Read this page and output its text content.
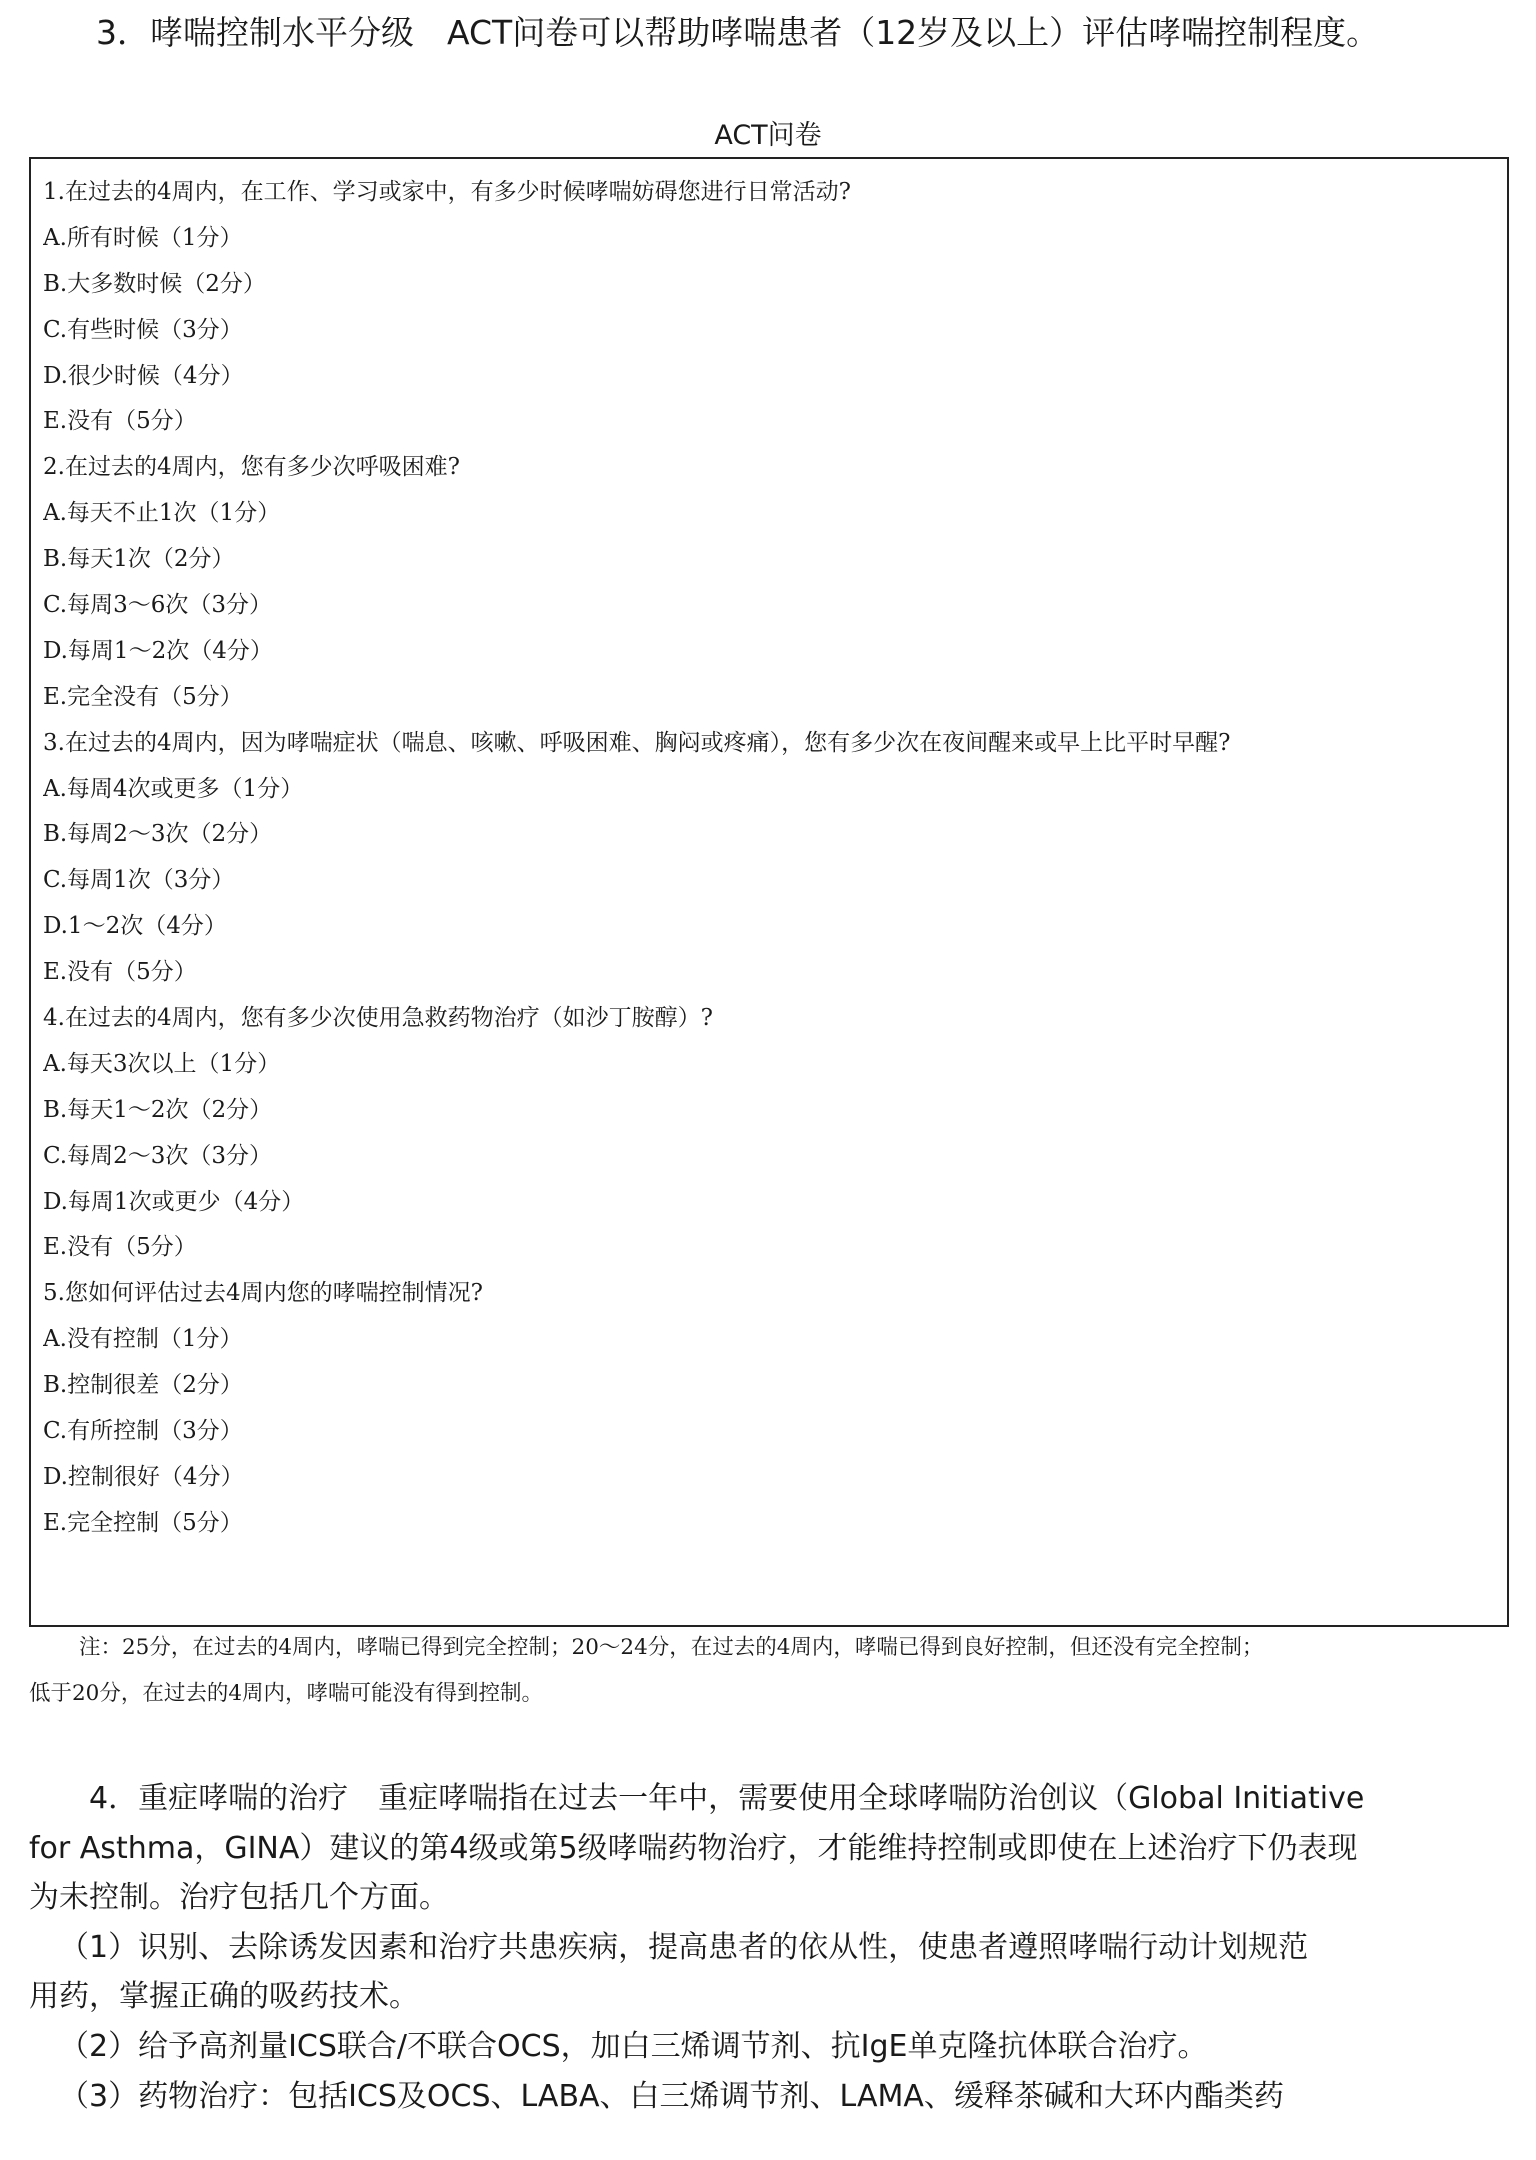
3．哮喘控制水平分级　ACT问卷可以帮助哮喘患者（12岁及以上）评估哮喘控制程度。
ACT问卷
1.在过去的4周内，在工作、学习或家中，有多少时候哮喘妨碍您进行日常活动?
A.所有时候（1分）
B.大多数时候（2分）
C.有些时候（3分）
D.很少时候（4分）
E.没有（5分）
2.在过去的4周内，您有多少次呼吸困难?
A.每天不止1次（1分）
B.每天1次（2分）
C.每周3～6次（3分）
D.每周1～2次（4分）
E.完全没有（5分）
3.在过去的4周内，因为哮喘症状（喘息、咳嗽、呼吸困难、胸闷或疼痛），您有多少次在夜间醒来或早上比平时早醒?
A.每周4次或更多（1分）
B.每周2～3次（2分）
C.每周1次（3分）
D.1～2次（4分）
E.没有（5分）
4.在过去的4周内，您有多少次使用急救药物治疗（如沙丁胺醇）?
A.每天3次以上（1分）
B.每天1～2次（2分）
C.每周2～3次（3分）
D.每周1次或更少（4分）
E.没有（5分）
5.您如何评估过去4周内您的哮喘控制情况?
A.没有控制（1分）
B.控制很差（2分）
C.有所控制（3分）
D.控制很好（4分）
E.完全控制（5分）

注：25分，在过去的4周内，哮喘已得到完全控制；20～24分，在过去的4周内，哮喘已得到良好控制，但还没有完全控制；

低于20分，在过去的4周内，哮喘可能没有得到控制。

4．重症哮喘的治疗　重症哮喘指在过去一年中，需要使用全球哮喘防治创议（Global Initiative

for Asthma，GINA）建议的第4级或第5级哮喘药物治疗，才能维持控制或即使在上述治疗下仍表现

为未控制。治疗包括几个方面。

（1）识别、去除诱发因素和治疗共患疾病，提高患者的依从性，使患者遵照哮喘行动计划规范

用药，掌握正确的吸药技术。

（2）给予高剂量ICS联合/不联合OCS，加白三烯调节剂、抗IgE单克隆抗体联合治疗。

（3）药物治疗：包括ICS及OCS、LABA、白三烯调节剂、LAMA、缓释茶碱和大环内酯类药
